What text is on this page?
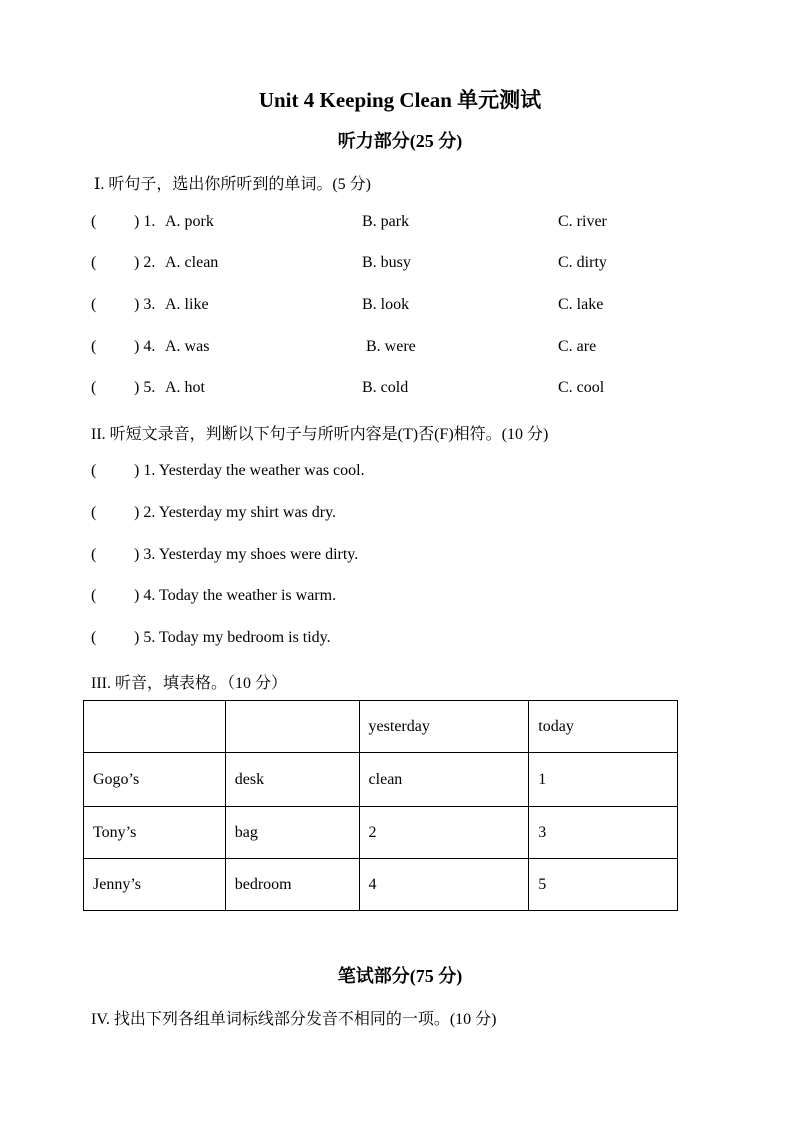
Unit 4 Keeping Clean 单元测试
听力部分(25 分)
Ⅰ. 听句子，选出你所听到的单词。(5 分)
( ) 1. A. pork	B. park	C. river
( ) 2. A. clean	B. busy	C. dirty
( ) 3. A. like	B. look	C. lake
( ) 4. A. was	B. were	C. are
( ) 5. A. hot	B. cold	C. cool
II. 听短文录音，判断以下句子与所听内容是(T)否(F)相符。(10 分)
( ) 1. Yesterday the weather was cool.
( ) 2. Yesterday my shirt was dry.
( ) 3. Yesterday my shoes were dirty.
( ) 4. Today the weather is warm.
( ) 5. Today my bedroom is tidy.
III. 听音，填表格。（10 分）
		yesterday	today
Gogo’s	desk	clean	1
Tony’s	bag	2	3
Jenny’s	bedroom	4	5
笔试部分(75 分)
IV. 找出下列各组单词标线部分发音不相同的一项。(10 分)
